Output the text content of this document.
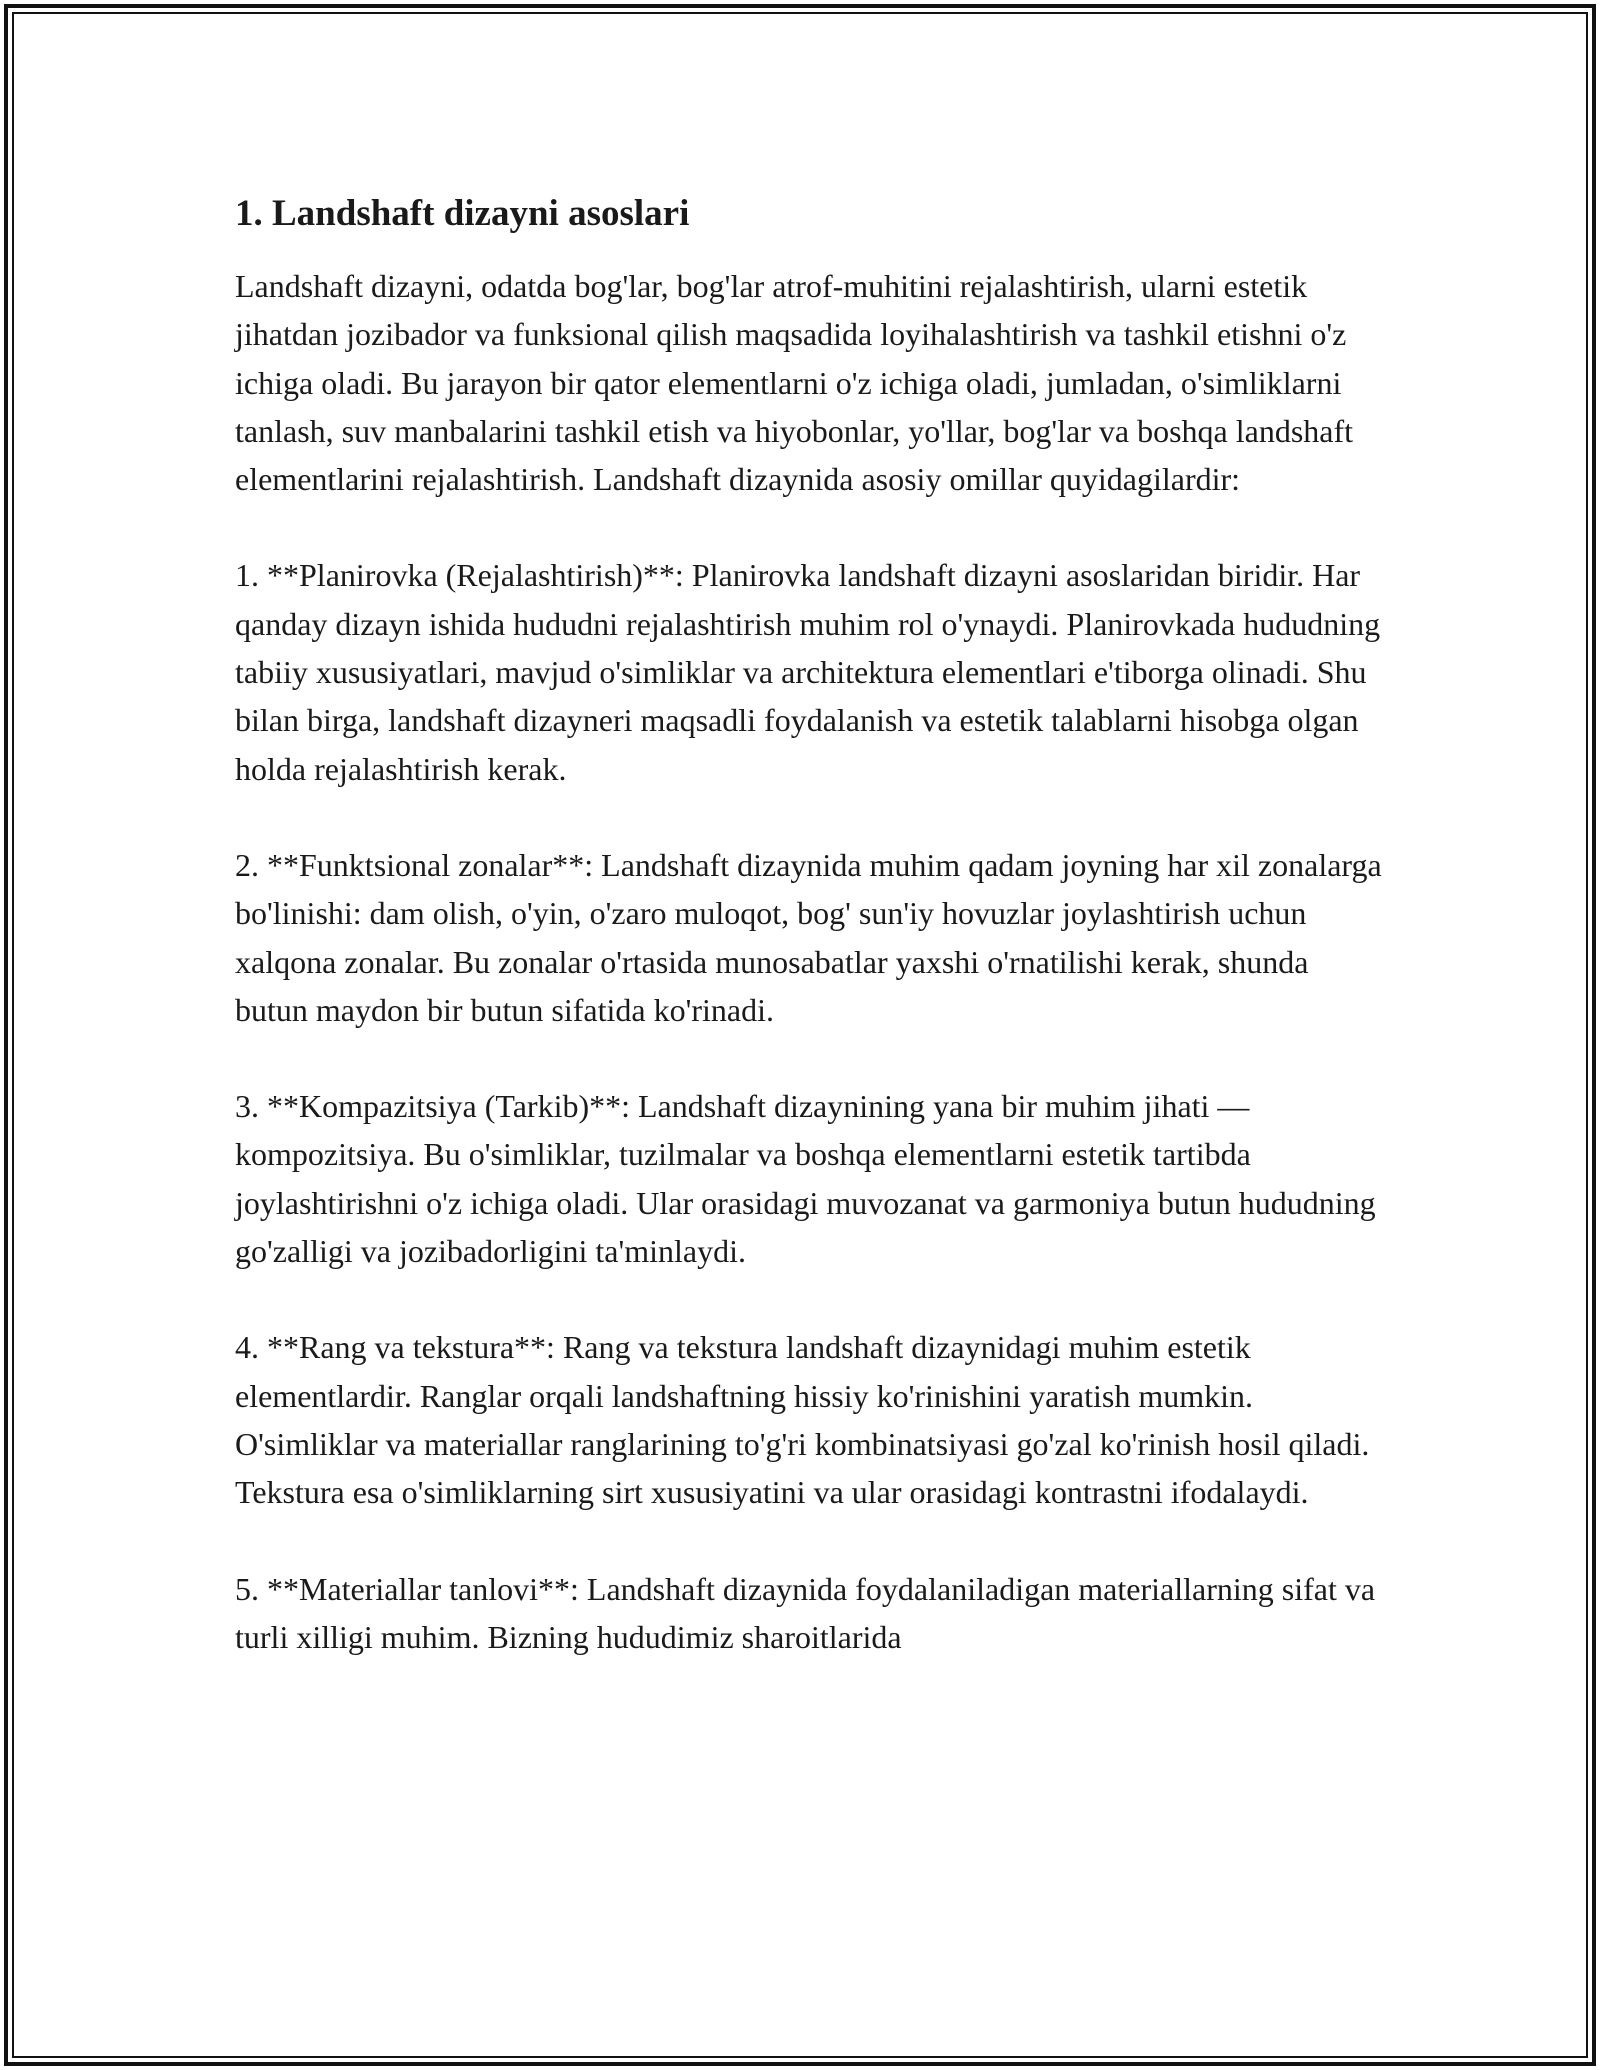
1. Landshaft dizayni asoslari

Landshaft dizayni, odatda bog'lar, bog'lar atrof-muhitini rejalashtirish, ularni estetik jihatdan jozibador va funksional qilish maqsadida loyihalashtirish va tashkil etishni o'z ichiga oladi. Bu jarayon bir qator elementlarni o'z ichiga oladi, jumladan, o'simliklarni tanlash, suv manbalarini tashkil etish va hiyobonlar, yo'llar, bog'lar va boshqa landshaft elementlarini rejalashtirish. Landshaft dizaynida asosiy omillar quyidagilardir:

1. **Planirovka (Rejalashtirish)**: Planirovka landshaft dizayni asoslaridan biridir. Har qanday dizayn ishida hududni rejalashtirish muhim rol o'ynaydi. Planirovkada hududning tabiiy xususiyatlari, mavjud o'simliklar va architektura elementlari e'tiborga olinadi. Shu bilan birga, landshaft dizayneri maqsadli foydalanish va estetik talablarni hisobga olgan holda rejalashtirish kerak.

2. **Funktsional zonalar**: Landshaft dizaynida muhim qadam joyning har xil zonalarga bo'linishi: dam olish, o'yin, o'zaro muloqot, bog' sun'iy hovuzlar joylashtirish uchun xalqona zonalar. Bu zonalar o'rtasida munosabatlar yaxshi o'rnatilishi kerak, shunda butun maydon bir butun sifatida ko'rinadi.

3. **Kompazitsiya (Tarkib)**: Landshaft dizaynining yana bir muhim jihati — kompozitsiya. Bu o'simliklar, tuzilmalar va boshqa elementlarni estetik tartibda joylashtirishni o'z ichiga oladi. Ular orasidagi muvozanat va garmoniya butun hududning go'zalligi va jozibadorligini ta'minlaydi.

4. **Rang va tekstura**: Rang va tekstura landshaft dizaynidagi muhim estetik elementlardir. Ranglar orqali landshaftning hissiy ko'rinishini yaratish mumkin. O'simliklar va materiallar ranglarining to'g'ri kombinatsiyasi go'zal ko'rinish hosil qiladi. Tekstura esa o'simliklarning sirt xususiyatini va ular orasidagi kontrastni ifodalaydi.

5. **Materiallar tanlovi**: Landshaft dizaynida foydalaniladigan materiallarning sifat va turli xilligi muhim. Bizning hududimiz sharoitlarida
